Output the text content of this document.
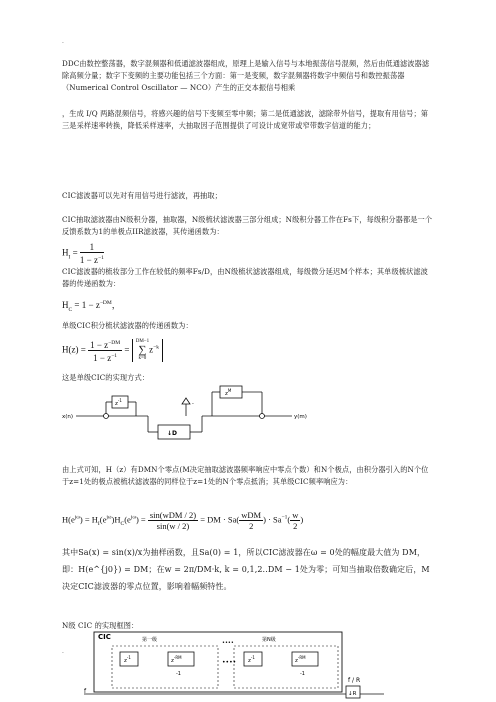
·
DDC由数控整荡器，数字混频器和低通滤波器组成，原理上是输入信号与本地振荡信号混频，然后由低通滤波器滤除高频分量；数字下变频的主要功能包括三个方面：第一是变频，数字混频器将数字中频信号和数控振荡器（Numerical Control Oscillator — NCO）产生的正交本振信号相乘
，生成 I/Q 两路混频信号，将感兴趣的信号下变频至零中频；第二是低通滤波，滤除带外信号，提取有用信号；第三是采样速率转换，降低采样速率，大抽取因子范围提供了可设计成宽带或窄带数字信道的能力；
CIC滤波器可以先对有用信号进行滤波，再抽取；
CIC抽取滤波器由N级积分器，抽取器，N级梳状滤波器三部分组成；N级积分器工作在Fs下，每级积分器都是一个反馈系数为1的单极点IIR滤波器，其传递函数为：
$H_I = \frac{1}{1 - z^{-1}}$
CIC滤波器的梳妆部分工作在较低的频率Fs/D，由N级梳状滤波器组成，每级微分延迟M个样本；其单级梳状滤波器的传递函数为：
$H_C = 1 - z^{-DM}$，
单级CIC积分梳状滤波器的传递函数为：
$H(z) = \frac{1 - z^{-DM}}{1 - z^{-1}}$ =
DM−1
∑
k=0
$z^{-k}$
这是单级CIC的实现方式：
x(n)
$z^{-1}$
↓D
y(m)
$z^M$
-
由上式可知，H（z）有DMN个零点(M决定抽取滤波器频率响应中零点个数）和N个极点，由积分器引入的N个位于z=1处的极点被梳状滤波器的同样位于z=1处的N个零点抵消；其单级CIC频率响应为：
$H(e^{j\omega}) = H_I(e^{j\omega})H_C(e^{j\omega}) = \frac{\text{sin(wDM / 2)}}{\sin(w / 2)}$ = DM · $Sa( \frac{\text{wDM}}{2}$ ) · $Sa^{-1}( \frac{w}{2}$ )
其中Sa(x) = sin(x)/x为抽样函数，且Sa(0) = 1，所以CIC滤波器在ω = 0处的幅度最大值为 DM，即：H(e^{j0}) = DM；在w = 2π/DM·k, k = 0,1,2..DM − 1处为零；可知当抽取倍数确定后，M决定CIC滤波器的零点位置，影响着幅频特性。
N级 CIC 的实现框图：
·
CIC	第一级	第N级
••••
••••
f
$z^{-1}$
$z^{-RM}$
-1
$z^{-1}$
$z^{-RM}$
-1
↓R
f / R
